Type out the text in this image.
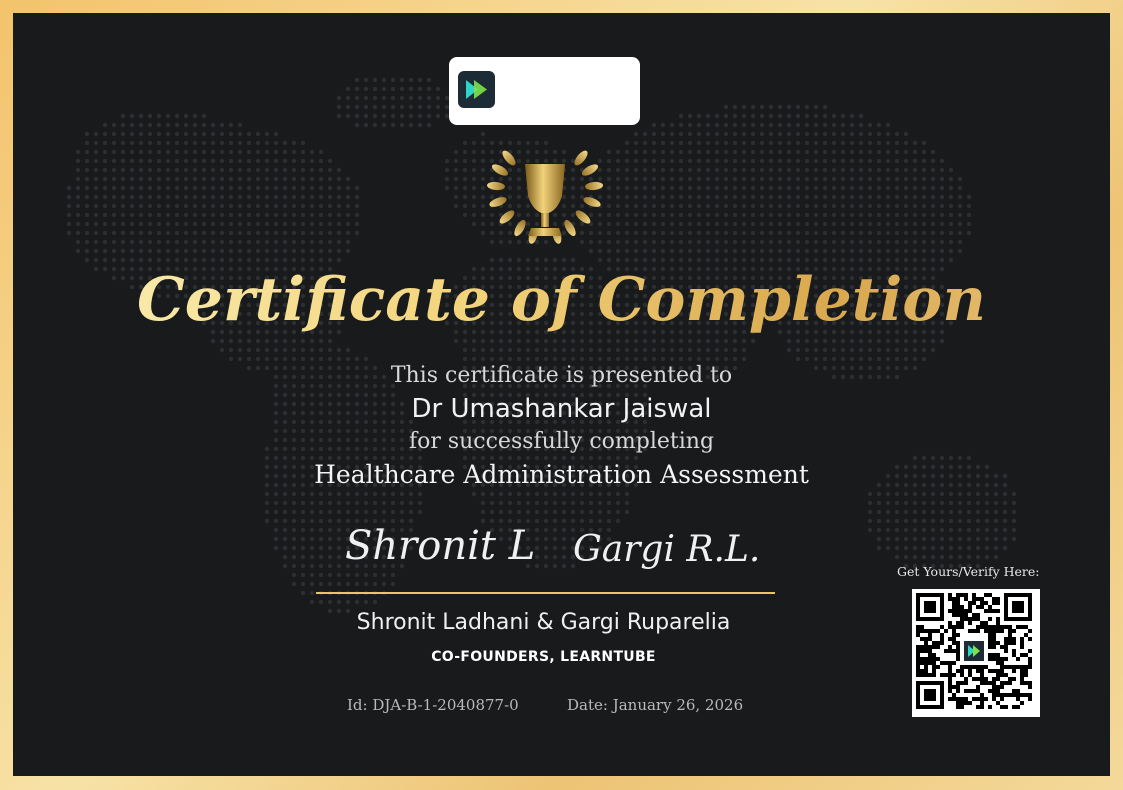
Certificate of Completion
This certificate is presented to
Dr Umashankar Jaiswal
for successfully completing
Healthcare Administration Assessment
Shronit L Gargi R.L.
Shronit Ladhani & Gargi Ruparelia
CO-FOUNDERS, LEARNTUBE
Id: DJA-B-1-2040877-0	Date: January 26, 2026
Get Yours/Verify Here:
